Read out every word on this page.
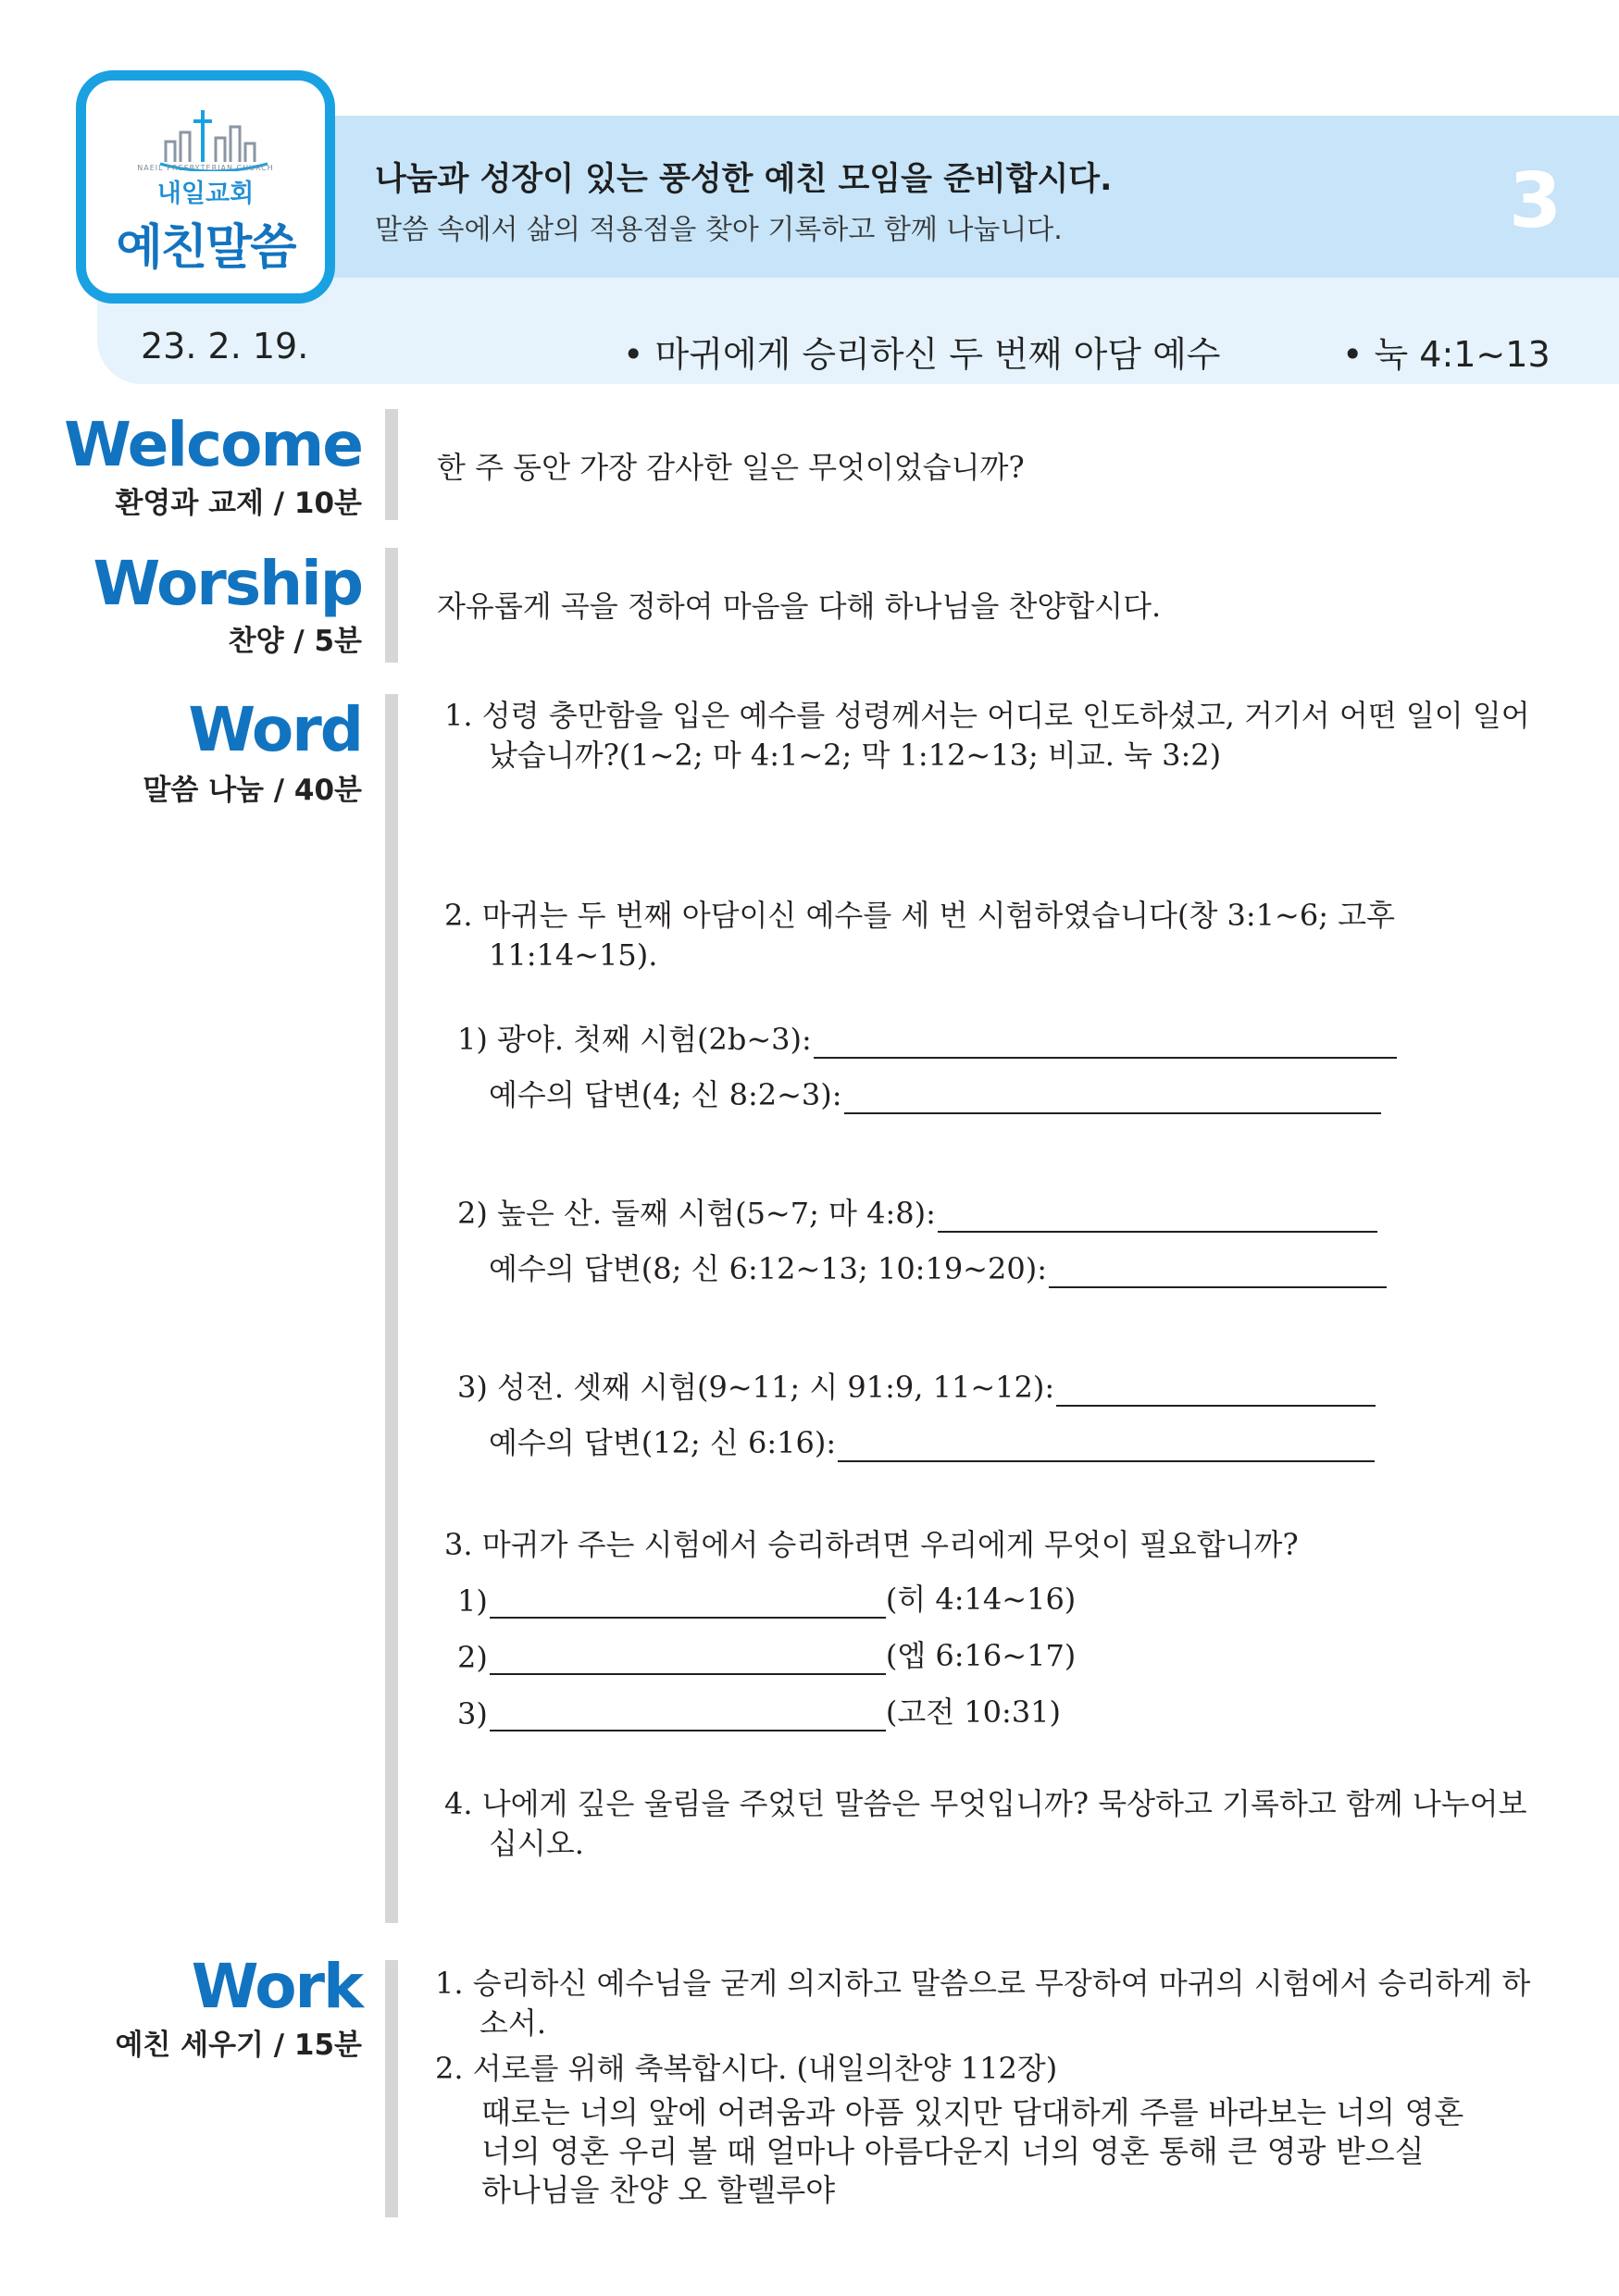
NAEIL PRESBYTERIAN CHURCH
내일교회
예친말씀
나눔과 성장이 있는 풍성한 예친 모임을 준비합시다.
말씀 속에서 삶의 적용점을 찾아 기록하고 함께 나눕니다.	3
23. 2. 19.	• 마귀에게 승리하신 두 번째 아담 예수	• 눅 4:1~13
Welcome
환영과 교제 / 10분
한 주 동안 가장 감사한 일은 무엇이었습니까?
Worship
찬양 / 5분
자유롭게 곡을 정하여 마음을 다해 하나님을 찬양합시다.
Word
말씀 나눔 / 40분
1. 성령 충만함을 입은 예수를 성령께서는 어디로 인도하셨고, 거기서 어떤 일이 일어났습니까?(1~2; 마 4:1~2; 막 1:12~13; 비교. 눅 3:2)
2. 마귀는 두 번째 아담이신 예수를 세 번 시험하였습니다(창 3:1~6; 고후 11:14~15).
1) 광야. 첫째 시험(2b~3):
예수의 답변(4; 신 8:2~3):
2) 높은 산. 둘째 시험(5~7; 마 4:8):
예수의 답변(8; 신 6:12~13; 10:19~20):
3) 성전. 셋째 시험(9~11; 시 91:9, 11~12):
예수의 답변(12; 신 6:16):
3. 마귀가 주는 시험에서 승리하려면 우리에게 무엇이 필요합니까?
1)	(히 4:14~16)
2)	(엡 6:16~17)
3)	(고전 10:31)
4. 나에게 깊은 울림을 주었던 말씀은 무엇입니까? 묵상하고 기록하고 함께 나누어보십시오.
Work
예친 세우기 / 15분
1. 승리하신 예수님을 굳게 의지하고 말씀으로 무장하여 마귀의 시험에서 승리하게 하소서.
2. 서로를 위해 축복합시다. (내일의찬양 112장)
때로는 너의 앞에 어려움과 아픔 있지만 담대하게 주를 바라보는 너의 영혼
너의 영혼 우리 볼 때 얼마나 아름다운지 너의 영혼 통해 큰 영광 받으실
하나님을 찬양 오 할렐루야
